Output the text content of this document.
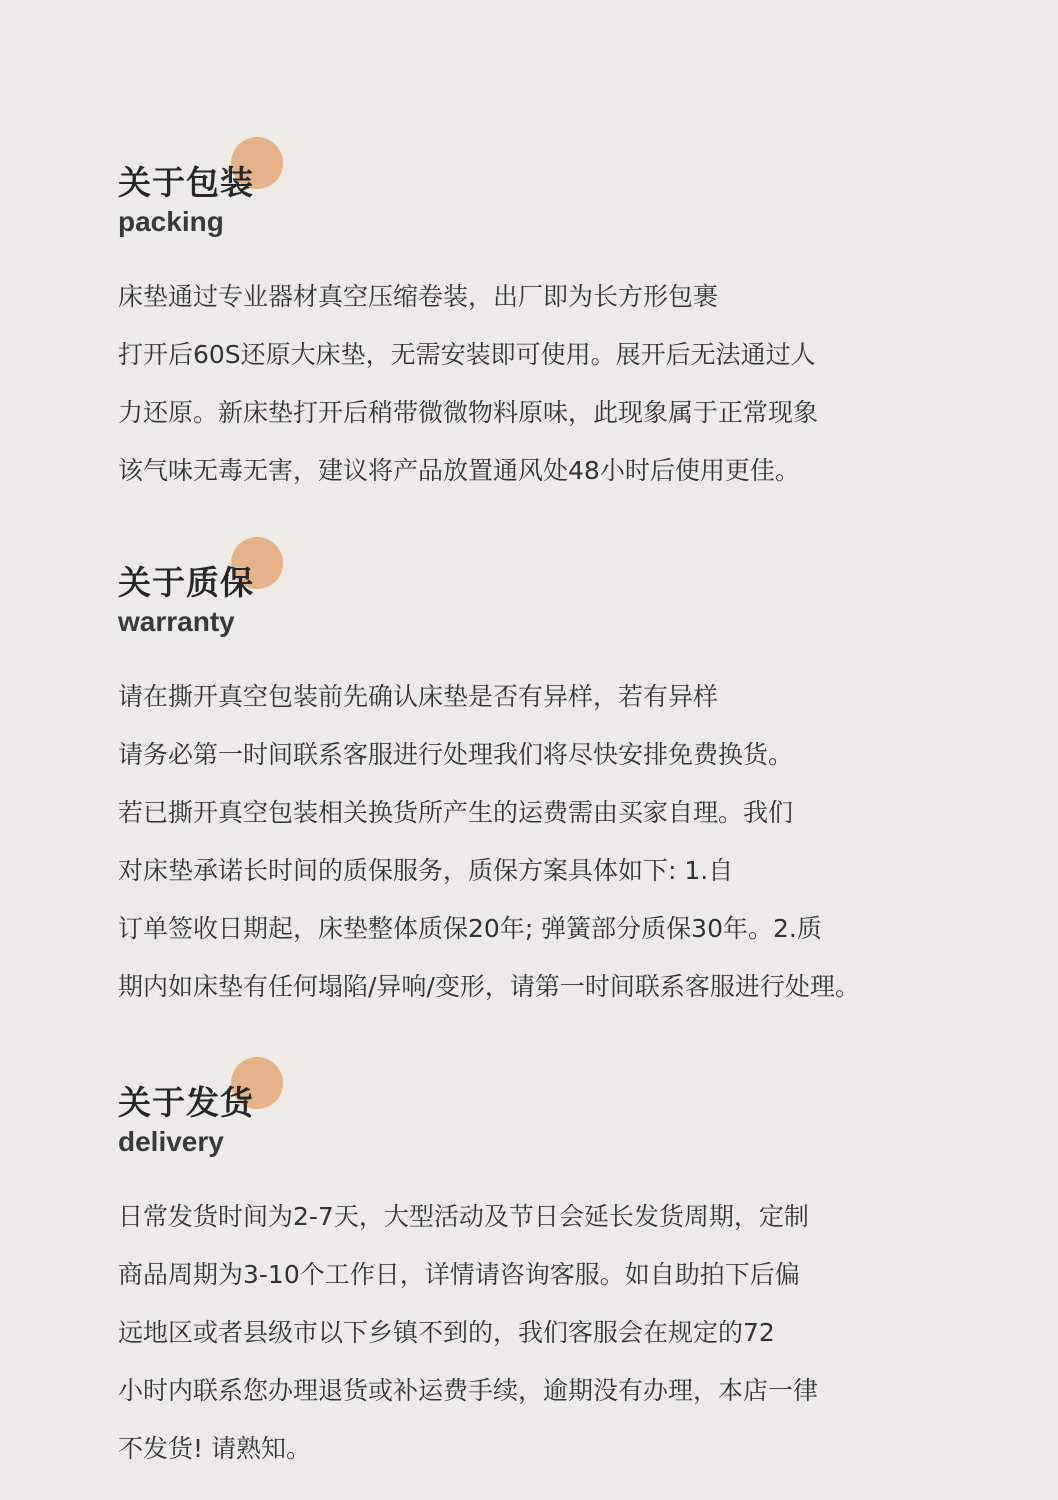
关于包装
packing
床垫通过专业器材真空压缩卷装，出厂即为长方形包裹
打开后60S还原大床垫，无需安装即可使用。展开后无法通过人
力还原。新床垫打开后稍带微微物料原味，此现象属于正常现象
该气味无毒无害，建议将产品放置通风处48小时后使用更佳。
关于质保
warranty
请在撕开真空包装前先确认床垫是否有异样，若有异样
请务必第一时间联系客服进行处理我们将尽快安排免费换货。
若已撕开真空包装相关换货所产生的运费需由买家自理。我们
对床垫承诺长时间的质保服务，质保方案具体如下: 1.自
订单签收日期起，床垫整体质保20年; 弹簧部分质保30年。2.质
期内如床垫有任何塌陷/异响/变形，请第一时间联系客服进行处理。
关于发货
delivery
日常发货时间为2-7天，大型活动及节日会延长发货周期，定制
商品周期为3-10个工作日，详情请咨询客服。如自助拍下后偏
远地区或者县级市以下乡镇不到的，我们客服会在规定的72
小时内联系您办理退货或补运费手续，逾期没有办理，本店一律
不发货! 请熟知。
